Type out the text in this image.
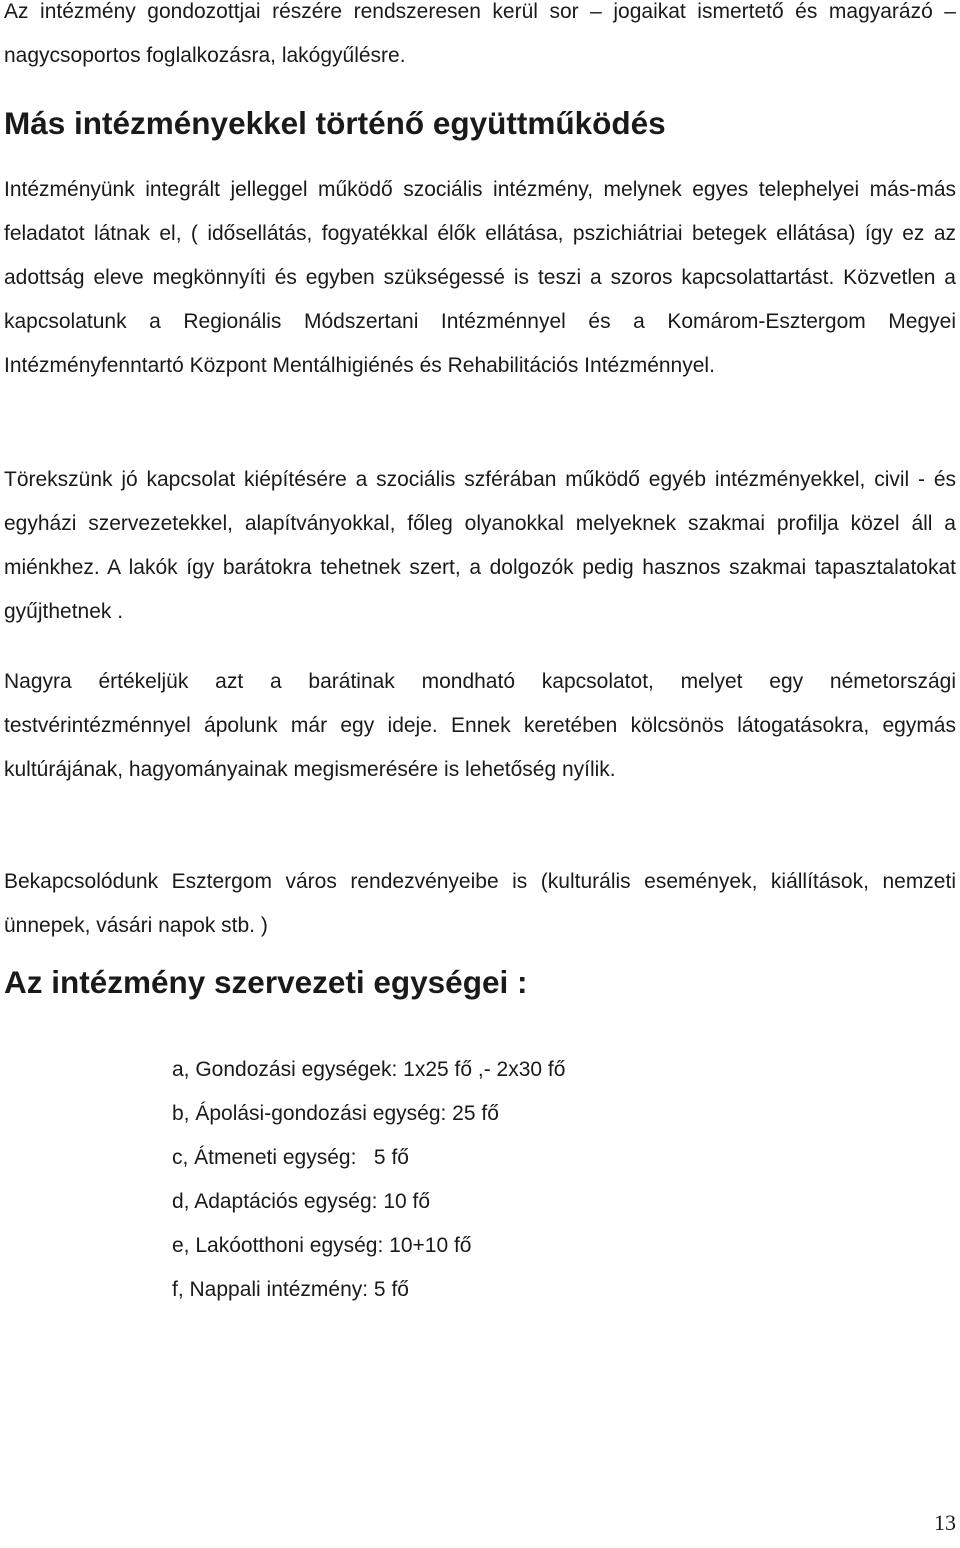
Az intézmény gondozottjai részére rendszeresen kerül sor – jogaikat ismertető és magyarázó – nagycsoportos foglalkozásra, lakógyűlésre.

Más intézményekkel történő együttműködés

Intézményünk integrált jelleggel működő szociális intézmény, melynek egyes telephelyei más-más feladatot látnak el, ( idősellátás, fogyatékkal élők ellátása, pszichiátriai betegek ellátása) így ez az adottság eleve megkönnyíti és egyben szükségessé is teszi a szoros kapcsolattartást. Közvetlen a kapcsolatunk a Regionális Módszertani Intézménnyel és a Komárom-Esztergom Megyei Intézményfenntartó Központ Mentálhigiénés és Rehabilitációs Intézménnyel.

Törekszünk jó kapcsolat kiépítésére a szociális szférában működő egyéb intézményekkel, civil - és egyházi szervezetekkel, alapítványokkal, főleg olyanokkal melyeknek szakmai profilja közel áll a miénkhez. A lakók így barátokra tehetnek szert, a dolgozók pedig hasznos szakmai tapasztalatokat gyűjthetnek .

Nagyra értékeljük azt a barátinak mondható kapcsolatot, melyet egy németországi testvérintézménnyel ápolunk már egy ideje. Ennek keretében kölcsönös látogatásokra, egymás kultúrájának, hagyományainak megismerésére is lehetőség nyílik.

Bekapcsolódunk Esztergom város rendezvényeibe is (kulturális események, kiállítások, nemzeti ünnepek, vásári napok stb. )

Az intézmény szervezeti egységei :
a, Gondozási egységek: 1x25 fő ,- 2x30 fő
b, Ápolási-gondozási egység: 25 fő
c, Átmeneti egység:   5 fő
d, Adaptációs egység: 10 fő
e, Lakóotthoni egység: 10+10 fő
f, Nappali intézmény: 5 fő
13
